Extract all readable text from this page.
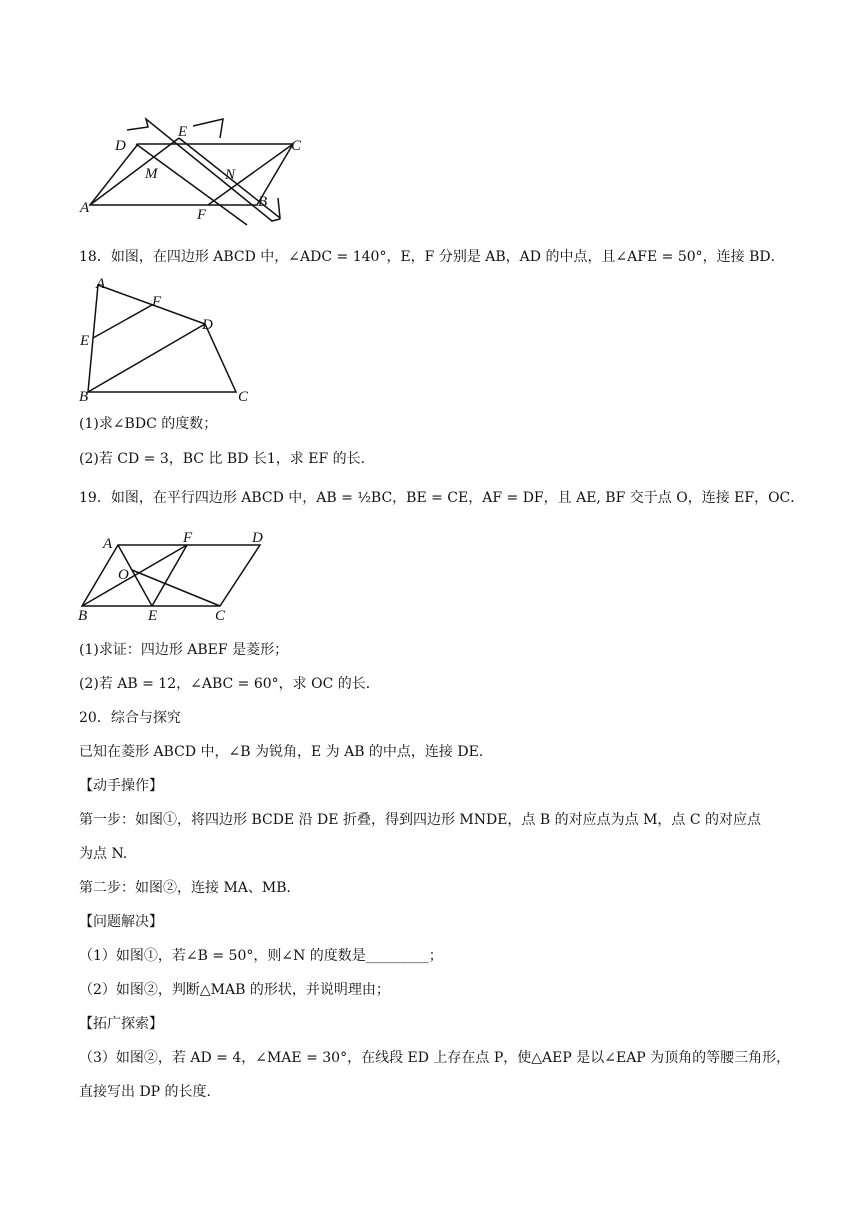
D
E
C
M	N
A	F
B
18．如图，在四边形 ABCD 中，∠ADC = 140°，E，F 分别是 AB，AD 的中点，且∠AFE = 50°，连接 BD．
A
F
D
E
B	C
(1)求∠BDC 的度数；
(2)若 CD = 3，BC 比 BD 长1，求 EF 的长．
19．如图，在平行四边形 ABCD 中，AB = ½BC，BE = CE，AF = DF，且 AE, BF 交于点 O，连接 EF，OC．
A	F	D
O
B	E	C
(1)求证：四边形 ABEF 是菱形；
(2)若 AB = 12，∠ABC = 60°，求 OC 的长．
20．综合与探究
已知在菱形 ABCD 中，∠B 为锐角，E 为 AB 的中点，连接 DE．
【动手操作】
第一步：如图①，将四边形 BCDE 沿 DE 折叠，得到四边形 MNDE，点 B 的对应点为点 M，点 C 的对应点
为点 N.
第二步：如图②，连接 MA、MB．
【问题解决】
（1）如图①，若∠B = 50°，则∠N 的度数是_________；
（2）如图②，判断△MAB 的形状，并说明理由；
【拓广探索】
（3）如图②，若 AD = 4，∠MAE = 30°，在线段 ED 上存在点 P，使△AEP 是以∠EAP 为顶角的等腰三角形，
直接写出 DP 的长度.
